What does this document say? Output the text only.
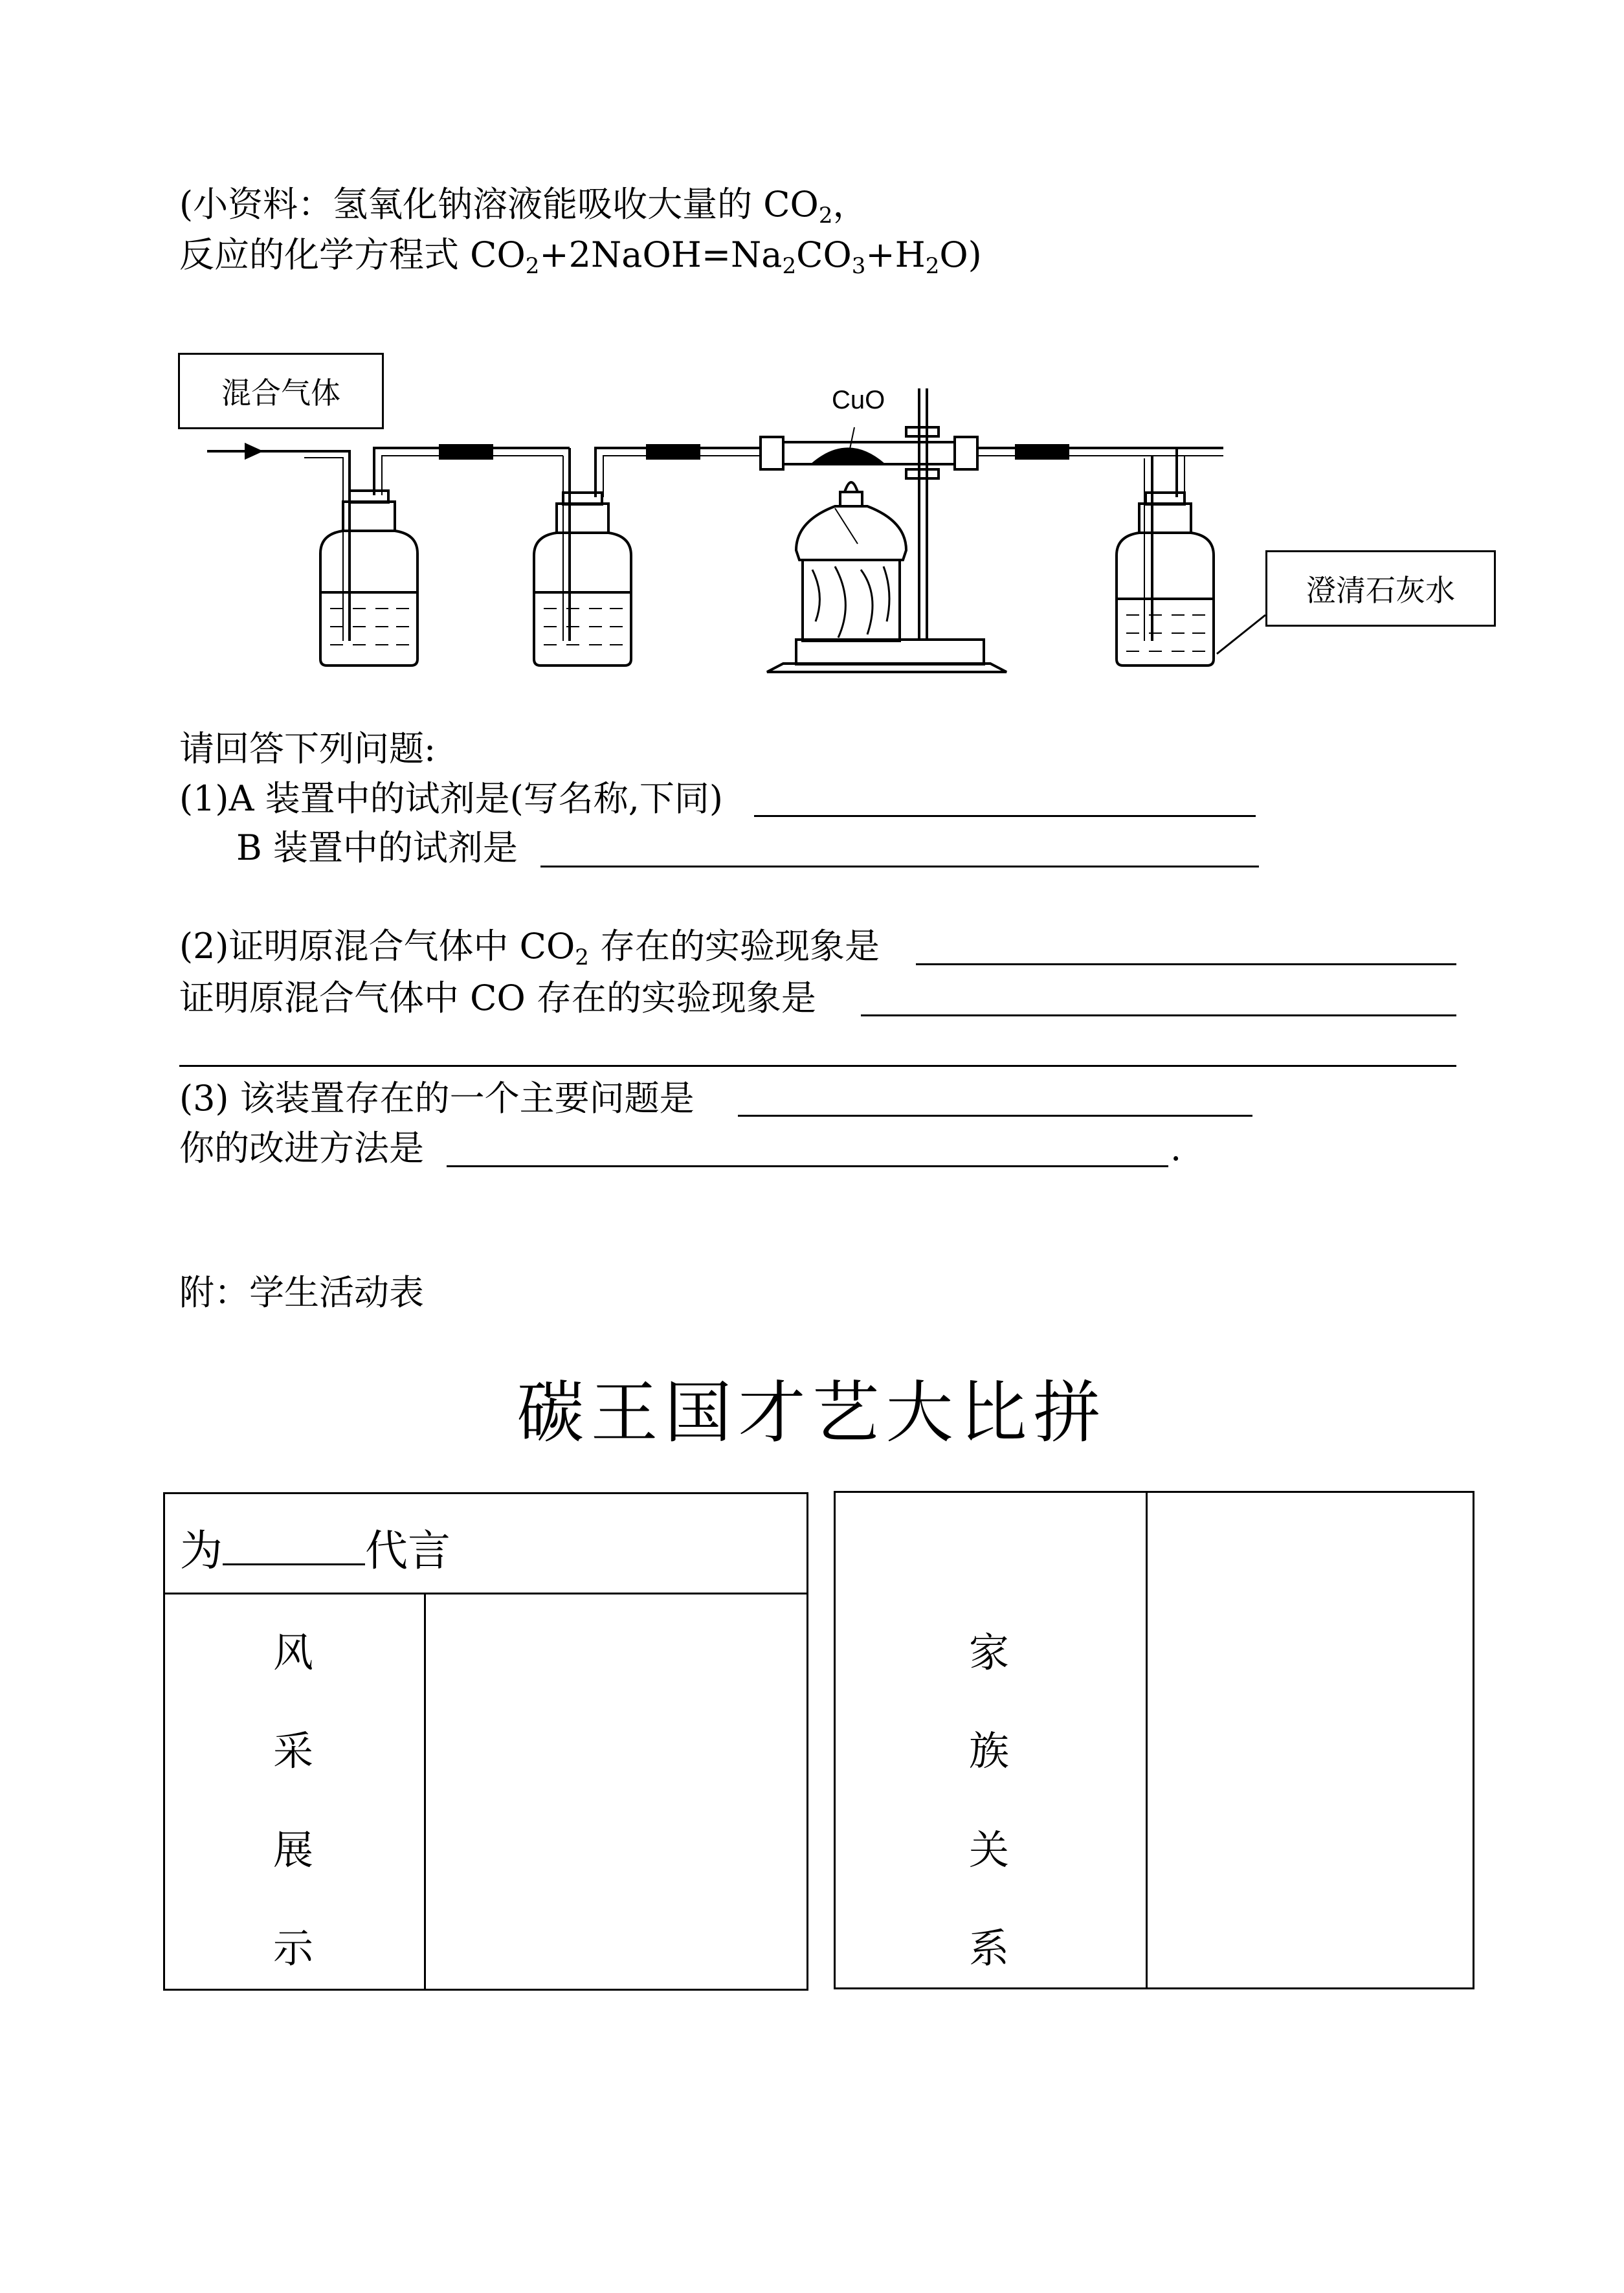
(小资料：氢氧化钠溶液能吸收大量的 $CO_2$，
反应的化学方程式 $CO_2+2NaOH=Na_2CO_3+H_2O$)
混合气体	CuO
澄清石灰水
请回答下列问题:
(1)A 装置中的试剂是(写名称,下同)
B 装置中的试剂是
(2)证明原混合气体中 $CO_2$ 存在的实验现象是
证明原混合气体中 CO 存在的实验现象是
(3) 该装置存在的一个主要问题是
你的改进方法是	.
附：学生活动表
碳王国才艺大比拼
为	代言
风
采
展
示
家
族
关
系
